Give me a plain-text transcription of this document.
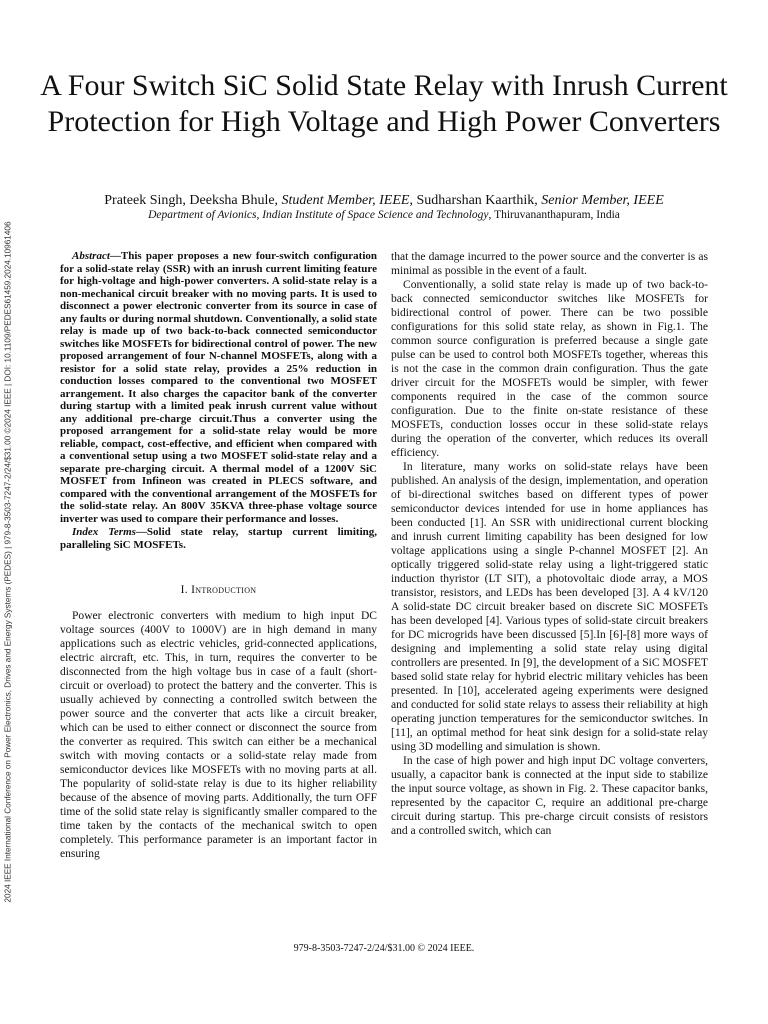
2024 IEEE International Conference on Power Electronics, Drives and Energy Systems (PEDES) | 979-8-3503-7247-2/24/$31.00 ©2024 IEEE | DOI: 10.1109/PEDES61459.2024.10961406
A Four Switch SiC Solid State Relay with Inrush Current Protection for High Voltage and High Power Converters
Prateek Singh, Deeksha Bhule, Student Member, IEEE, Sudharshan Kaarthik, Senior Member, IEEE
Department of Avionics, Indian Institute of Space Science and Technology, Thiruvananthapuram, India

Abstract—This paper proposes a new four-switch configuration for a solid-state relay (SSR) with an inrush current limiting feature for high-voltage and high-power converters. A solid-state relay is a non-mechanical circuit breaker with no moving parts. It is used to disconnect a power electronic converter from its source in case of any faults or during normal shutdown. Conventionally, a solid state relay is made up of two back-to-back connected semiconductor switches like MOSFETs for bidirectional control of power. The new proposed arrangement of four N-channel MOSFETs, along with a resistor for a solid state relay, provides a 25% reduction in conduction losses compared to the conventional two MOSFET arrangement. It also charges the capacitor bank of the converter during startup with a limited peak inrush current value without any additional pre-charge circuit.Thus a converter using the proposed arrangement for a solid-state relay would be more reliable, compact, cost-effective, and efficient when compared with a conventional setup using a two MOSFET solid-state relay and a separate pre-charging circuit. A thermal model of a 1200V SiC MOSFET from Infineon was created in PLECS software, and compared with the conventional arrangement of the MOSFETs for the solid-state relay. An 800V 35KVA three-phase voltage source inverter was used to compare their performance and losses.

Index Terms—Solid state relay, startup current limiting, paralleling SiC MOSFETs.

I. Introduction

Power electronic converters with medium to high input DC voltage sources (400V to 1000V) are in high demand in many applications such as electric vehicles, grid-connected applications, electric aircraft, etc. This, in turn, requires the converter to be disconnected from the high voltage bus in case of a fault (short-circuit or overload) to protect the battery and the converter. This is usually achieved by connecting a controlled switch between the power source and the converter that acts like a circuit breaker, which can be used to either connect or disconnect the source from the converter as required. This switch can either be a mechanical switch with moving contacts or a solid-state relay made from semiconductor devices like MOSFETs with no moving parts at all. The popularity of solid-state relay is due to its higher reliability because of the absence of moving parts. Additionally, the turn OFF time of the solid state relay is significantly smaller compared to the time taken by the contacts of the mechanical switch to open completely. This performance parameter is an important factor in ensuring

that the damage incurred to the power source and the converter is as minimal as possible in the event of a fault.

Conventionally, a solid state relay is made up of two back-to-back connected semiconductor switches like MOSFETs for bidirectional control of power. There can be two possible configurations for this solid state relay, as shown in Fig.1. The common source configuration is preferred because a single gate pulse can be used to control both MOSFETs together, whereas this is not the case in the common drain configuration. Thus the gate driver circuit for the MOSFETs would be simpler, with fewer components required in the case of the common source configuration. Due to the finite on-state resistance of these MOSFETs, conduction losses occur in these solid-state relays during the operation of the converter, which reduces its overall efficiency.

In literature, many works on solid-state relays have been published. An analysis of the design, implementation, and operation of bi-directional switches based on different types of power semiconductor devices intended for use in home appliances has been conducted [1]. An SSR with unidirectional current blocking and inrush current limiting capability has been designed for low voltage applications using a single P-channel MOSFET [2]. An optically triggered solid-state relay using a light-triggered static induction thyristor (LT SIT), a photovoltaic diode array, a MOS transistor, resistors, and LEDs has been developed [3]. A 4 kV/120 A solid-state DC circuit breaker based on discrete SiC MOSFETs has been developed [4]. Various types of solid-state circuit breakers for DC microgrids have been discussed [5].In [6]-[8] more ways of designing and implementing a solid state relay using digital controllers are presented. In [9], the development of a SiC MOSFET based solid state relay for hybrid electric military vehicles has been presented. In [10], accelerated ageing experiments were designed and conducted for solid state relays to assess their reliability at high operating junction temperatures for the semiconductor switches. In [11], an optimal method for heat sink design for a solid-state relay using 3D modelling and simulation is shown.

In the case of high power and high input DC voltage converters, usually, a capacitor bank is connected at the input side to stabilize the input source voltage, as shown in Fig. 2. These capacitor banks, represented by the capacitor C, require an additional pre-charge circuit during startup. This pre-charge circuit consists of resistors and a controlled switch, which can

979-8-3503-7247-2/24/$31.00 © 2024 IEEE.
